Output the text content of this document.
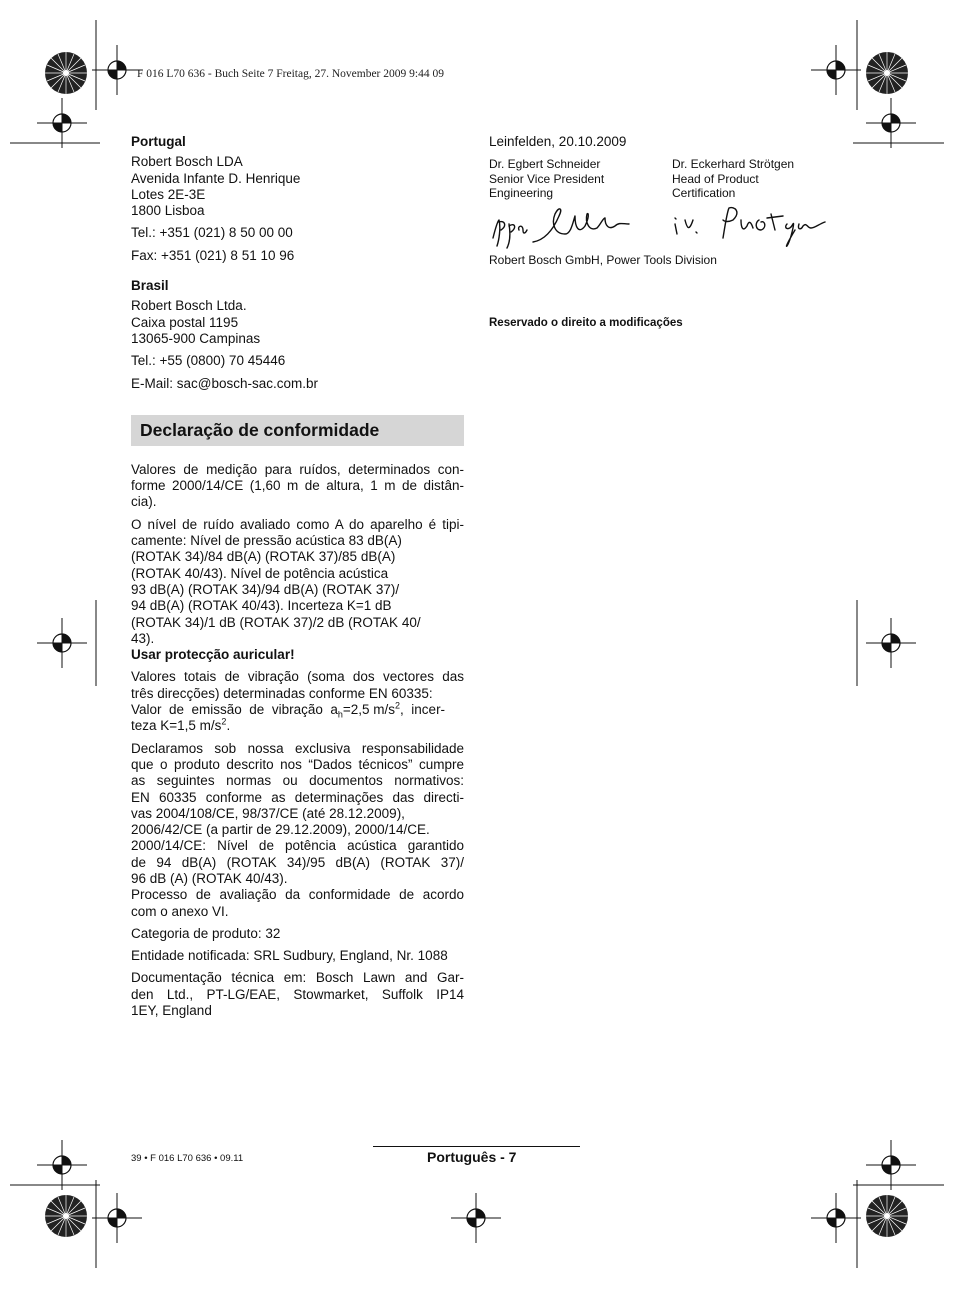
F 016 L70 636 - Buch Seite 7 Freitag, 27. November 2009 9:44 09
Portugal
Robert Bosch LDA
Avenida Infante D. Henrique
Lotes 2E-3E
1800 Lisboa
Tel.: +351 (021) 8 50 00 00
Fax: +351 (021) 8 51 10 96
Brasil
Robert Bosch Ltda.
Caixa postal 1195
13065-900 Campinas
Tel.: +55 (0800) 70 45446
E-Mail: sac@bosch-sac.com.br
Declaração de conformidade
Valores de medição para ruídos, determinados con-
forme 2000/14/CE (1,60 m de altura, 1 m de distân-
cia).
O nível de ruído avaliado como A do aparelho é tipi-
camente: Nível de pressão acústica 83 dB(A)
(ROTAK 34)/84 dB(A) (ROTAK 37)/85 dB(A)
(ROTAK 40/43). Nível de potência acústica
93 dB(A) (ROTAK 34)/94 dB(A) (ROTAK 37)/
94 dB(A) (ROTAK 40/43). Incerteza K=1 dB
(ROTAK 34)/1 dB (ROTAK 37)/2 dB (ROTAK 40/
43).
Usar protecção auricular!
Valores totais de vibração (soma dos vectores das
três direcções) determinadas conforme EN 60335:
Valor  de  emissão  de  vibração  $a_h=2,5$ $m/s^2$,  incer-
teza K=1,5 $m/s^2$.
Declaramos sob nossa exclusiva responsabilidade
que o produto descrito nos “Dados técnicos” cumpre
as seguintes normas ou documentos normativos:
EN 60335 conforme as determinações das directi-
vas 2004/108/CE, 98/37/CE (até 28.12.2009),
2006/42/CE (a partir de 29.12.2009), 2000/14/CE.
2000/14/CE: Nível de potência acústica garantido
de 94 dB(A) (ROTAK 34)/95 dB(A) (ROTAK 37)/
96 dB (A) (ROTAK 40/43).
Processo de avaliação da conformidade de acordo
com o anexo VI.
Categoria de produto: 32
Entidade notificada: SRL Sudbury, England, Nr. 1088
Documentação técnica em: Bosch Lawn and Gar-
den Ltd., PT-LG/EAE, Stowmarket, Suffolk IP14
1EY, England
Leinfelden, 20.10.2009
Dr. Egbert Schneider
Senior Vice President
Engineering
Dr. Eckerhard Strötgen
Head of Product
Certification
Robert Bosch GmbH, Power Tools Division
Reservado o direito a modificações
39 • F 016 L70 636 • 09.11	Português - 7
